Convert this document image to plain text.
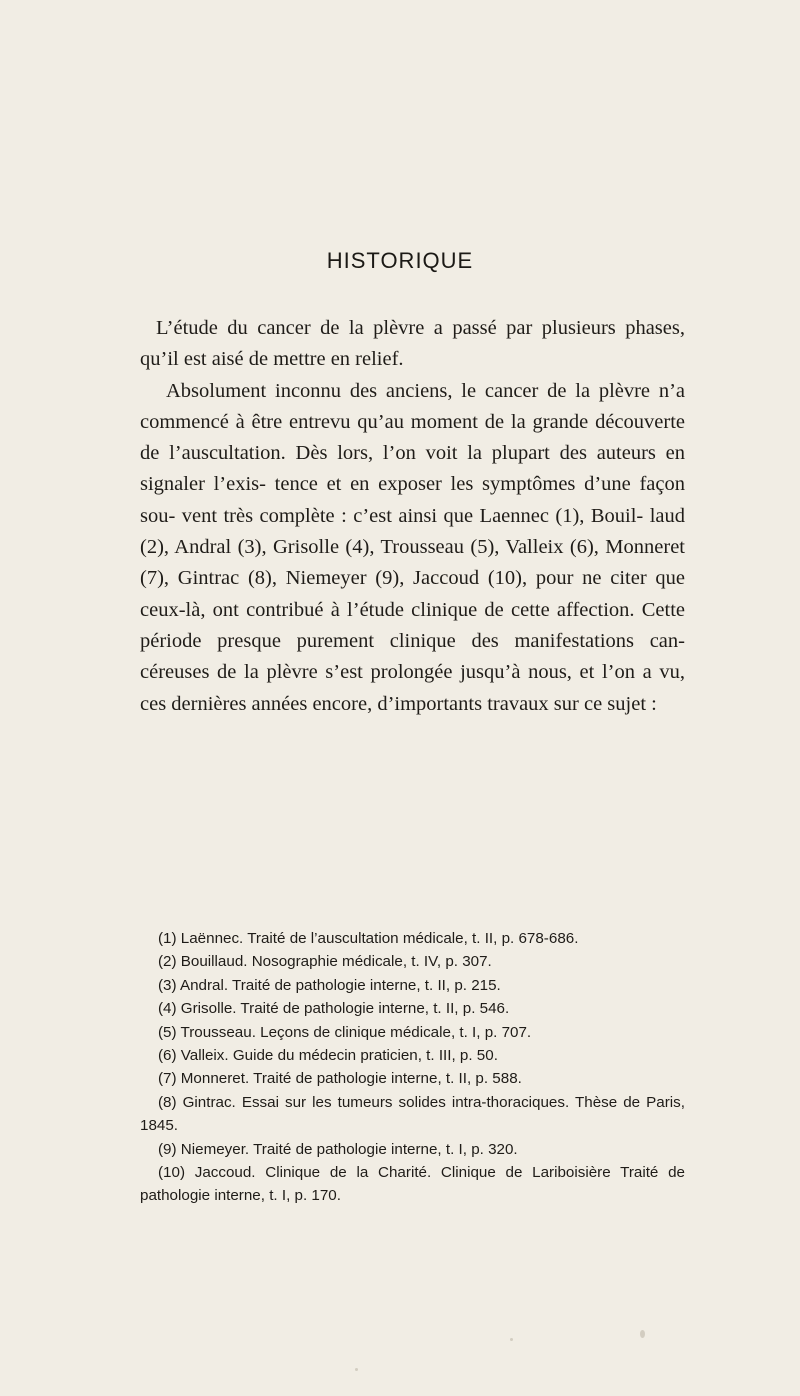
HISTORIQUE

L’étude du cancer de la plèvre a passé par plusieurs phases, qu’il est aisé de mettre en relief.

Absolument inconnu des anciens, le cancer de la plèvre n’a commencé à être entrevu qu’au moment de la grande découverte de l’auscultation. Dès lors, l’on voit la plupart des auteurs en signaler l’exis- tence et en exposer les symptômes d’une façon sou- vent très complète : c’est ainsi que Laennec (1), Bouil- laud (2), Andral (3), Grisolle (4), Trousseau (5), Valleix (6), Monneret (7), Gintrac (8), Niemeyer (9), Jaccoud (10), pour ne citer que ceux-là, ont contribué à l’étude clinique de cette affection. Cette période presque purement clinique des manifestations can- céreuses de la plèvre s’est prolongée jusqu’à nous, et l’on a vu, ces dernières années encore, d’importants travaux sur ce sujet :

(1) Laënnec. Traité de l’auscultation médicale, t. II, p. 678-686.

(2) Bouillaud. Nosographie médicale, t. IV, p. 307.

(3) Andral. Traité de pathologie interne, t. II, p. 215.

(4) Grisolle. Traité de pathologie interne, t. II, p. 546.

(5) Trousseau. Leçons de clinique médicale, t. I, p. 707.

(6) Valleix. Guide du médecin praticien, t. III, p. 50.

(7) Monneret. Traité de pathologie interne, t. II, p. 588.

(8) Gintrac. Essai sur les tumeurs solides intra-thoraciques. Thèse de Paris, 1845.

(9) Niemeyer. Traité de pathologie interne, t. I, p. 320.

(10) Jaccoud. Clinique de la Charité. Clinique de Lariboisière Traité de pathologie interne, t. I, p. 170.
